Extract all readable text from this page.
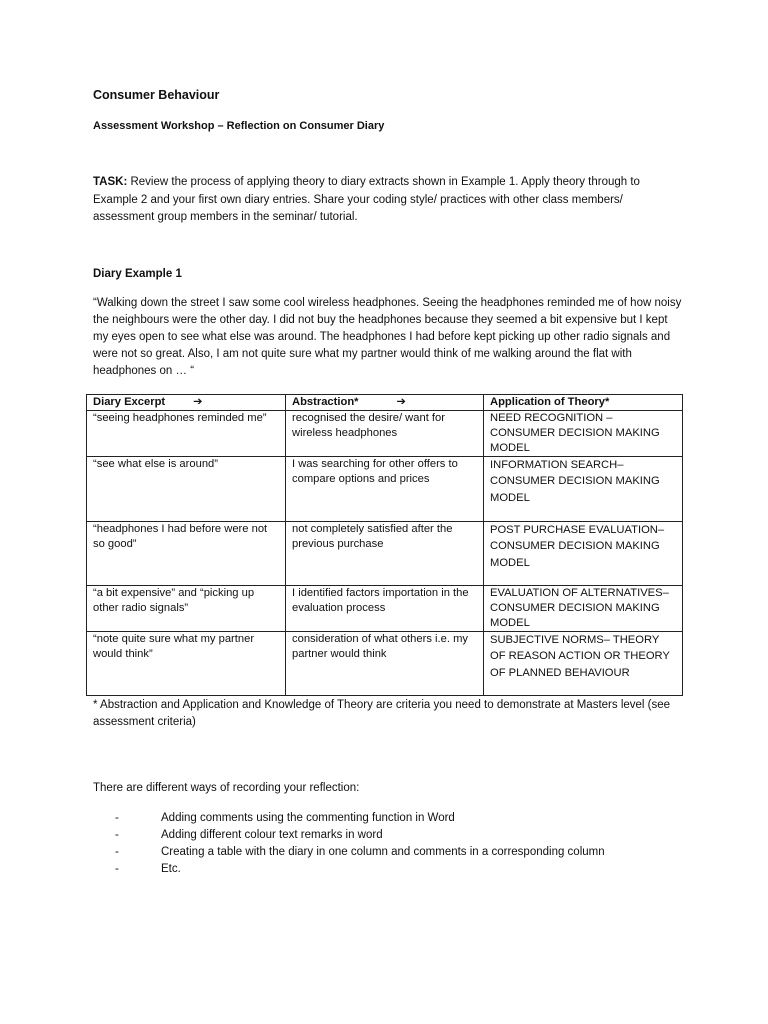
Consumer Behaviour

Assessment Workshop – Reflection on Consumer Diary

TASK: Review the process of applying theory to diary extracts shown in Example 1. Apply theory through to Example 2 and your first own diary entries. Share your coding style/ practices with other class members/ assessment group members in the seminar/ tutorial.

Diary Example 1

“Walking down the street I saw some cool wireless headphones. Seeing the headphones reminded me of how noisy the neighbours were the other day. I did not buy the headphones because they seemed a bit expensive but I kept my eyes open to see what else was around. The headphones I had before kept picking up other radio signals and were not so great. Also, I am not quite sure what my partner would think of me walking around the flat with headphones on … “

Diary Excerpt ➔	Abstraction* ➔	Application of Theory*
“seeing headphones reminded me”	recognised the desire/ want for wireless headphones	NEED RECOGNITION – CONSUMER DECISION MAKING MODEL
“see what else is around”	I was searching for other offers to compare options and prices	INFORMATION SEARCH– CONSUMER DECISION MAKING MODEL
“headphones I had before were not so good”	not completely satisfied after the previous purchase	POST PURCHASE EVALUATION– CONSUMER DECISION MAKING MODEL
“a bit expensive” and “picking up other radio signals”	I identified factors importation in the evaluation process	EVALUATION OF ALTERNATIVES– CONSUMER DECISION MAKING MODEL
“note quite sure what my partner would think”	consideration of what others i.e. my partner would think	SUBJECTIVE NORMS– THEORY OF REASON ACTION OR THEORY OF PLANNED BEHAVIOUR

* Abstraction and Application and Knowledge of Theory are criteria you need to demonstrate at Masters level (see assessment criteria)

There are different ways of recording your reflection:

-	Adding comments using the commenting function in Word
-	Adding different colour text remarks in word
-	Creating a table with the diary in one column and comments in a corresponding column
-	Etc.
